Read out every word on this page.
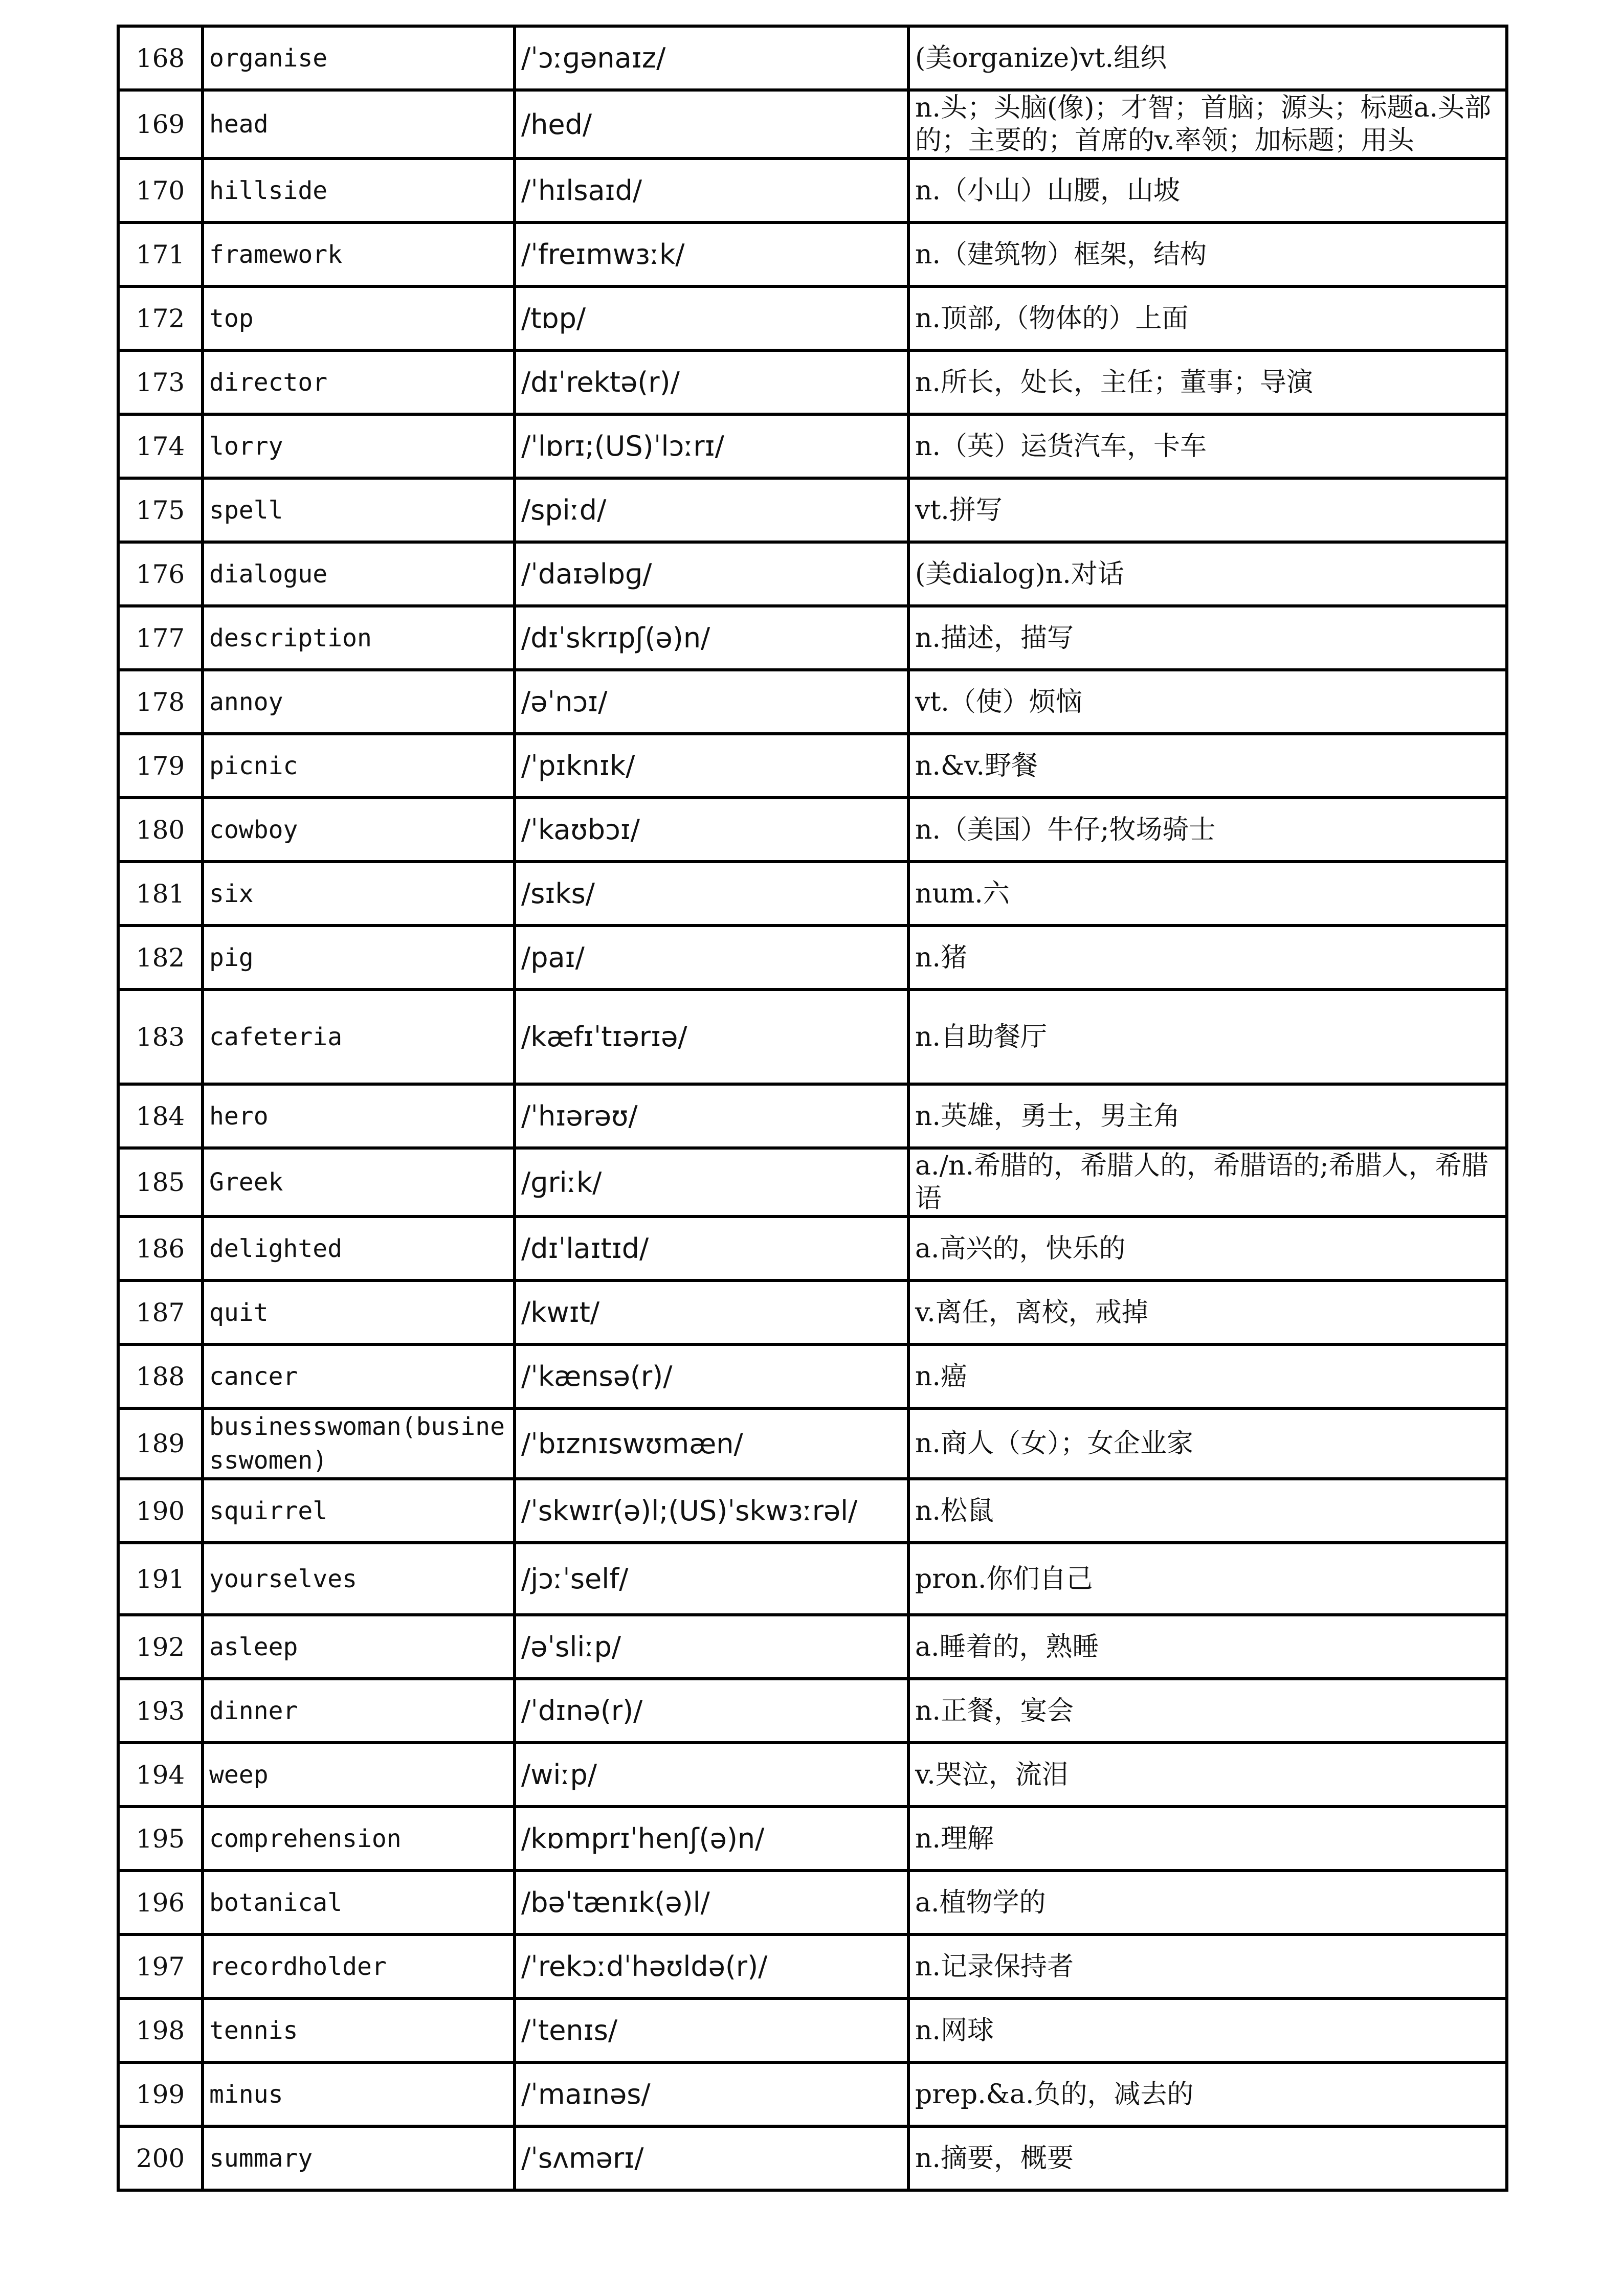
168	organise	/ˈɔːɡənaɪz/	(美organize)vt.组织
169	head	/hed/	n.头；头脑(像)；才智；首脑；源头；标题a.头部的；主要的；首席的v.率领；加标题；用头
170	hillside	/ˈhɪlsaɪd/	n.（小山）山腰，山坡
171	framework	/ˈfreɪmwɜːk/	n.（建筑物）框架，结构
172	top	/tɒp/	n.顶部,（物体的）上面
173	director	/dɪˈrektə(r)/	n.所长，处长，主任；董事；导演
174	lorry	/ˈlɒrɪ;(US)ˈlɔːrɪ/	n.（英）运货汽车，卡车
175	spell	/spiːd/	vt.拼写
176	dialogue	/ˈdaɪəlɒɡ/	(美dialog)n.对话
177	description	/dɪˈskrɪpʃ(ə)n/	n.描述，描写
178	annoy	/əˈnɔɪ/	vt.（使）烦恼
179	picnic	/ˈpɪknɪk/	n.&v.野餐
180	cowboy	/ˈkaʊbɔɪ/	n.（美国）牛仔;牧场骑士
181	six	/sɪks/	num.六
182	pig	/paɪ/	n.猪
183	cafeteria	/kæfɪˈtɪərɪə/	n.自助餐厅
184	hero	/ˈhɪərəʊ/	n.英雄，勇士，男主角
185	Greek	/ɡriːk/	a./n.希腊的，希腊人的，希腊语的;希腊人，希腊语
186	delighted	/dɪˈlaɪtɪd/	a.高兴的，快乐的
187	quit	/kwɪt/	v.离任，离校，戒掉
188	cancer	/ˈkænsə(r)/	n.癌
189	businesswoman(businesswomen)	/ˈbɪznɪswʊmæn/	n.商人（女）；女企业家
190	squirrel	/ˈskwɪr(ə)l;(US)ˈskwɜːrəl/	n.松鼠
191	yourselves	/jɔːˈself/	pron.你们自己
192	asleep	/əˈsliːp/	a.睡着的，熟睡
193	dinner	/ˈdɪnə(r)/	n.正餐，宴会
194	weep	/wiːp/	v.哭泣，流泪
195	comprehension	/kɒmprɪˈhenʃ(ə)n/	n.理解
196	botanical	/bəˈtænɪk(ə)l/	a.植物学的
197	recordholder	/ˈrekɔːdˈhəʊldə(r)/	n.记录保持者
198	tennis	/ˈtenɪs/	n.网球
199	minus	/ˈmaɪnəs/	prep.&a.负的，减去的
200	summary	/ˈsʌmərɪ/	n.摘要，概要
